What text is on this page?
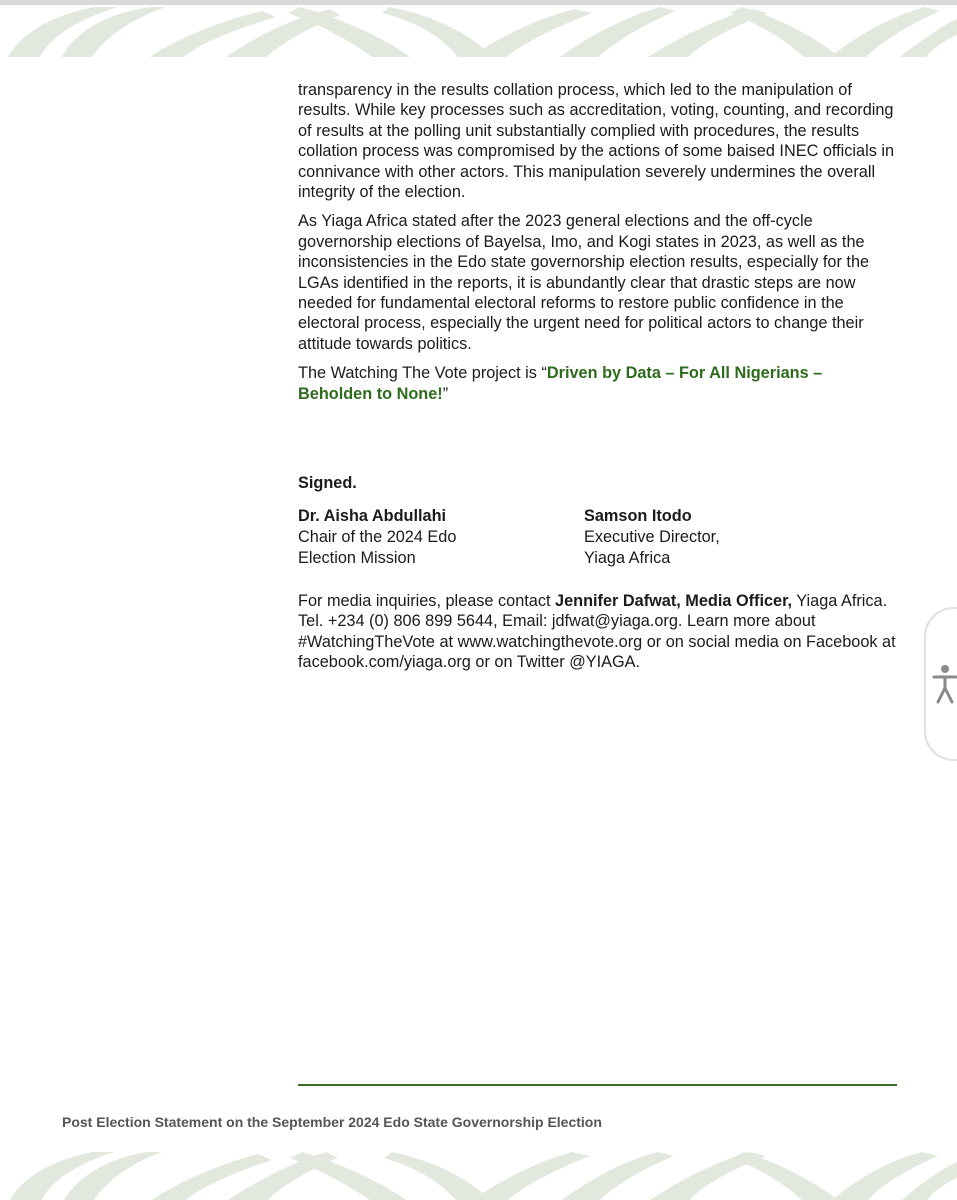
transparency in the results collation process, which led to the manipulation of results. While key processes such as accreditation, voting, counting, and recording of results at the polling unit substantially complied with procedures, the results collation process was compromised by the actions of some baised INEC officials in connivance with other actors. This manipulation severely undermines the overall integrity of the election.

As Yiaga Africa stated after the 2023 general elections and the off-cycle governorship elections of Bayelsa, Imo, and Kogi states in 2023, as well as the inconsistencies in the Edo state governorship election results, especially for the LGAs identified in the reports, it is abundantly clear that drastic steps are now needed for fundamental electoral reforms to restore public confidence in the electoral process, especially the urgent need for political actors to change their attitude towards politics.

The Watching The Vote project is “Driven by Data – For All Nigerians – Beholden to None!”

Signed.
Dr. Aisha Abdullahi
Chair of the 2024 Edo
Election Mission
Samson Itodo
Executive Director,
Yiaga Africa
For media inquiries, please contact Jennifer Dafwat, Media Officer, Yiaga Africa. Tel. +234 (0) 806 899 5644, Email: jdfwat@yiaga.org. Learn more about #WatchingTheVote at www.watchingthevote.org or on social media on Facebook at facebook.com/yiaga.org or on Twitter @YIAGA.
Post Election Statement on the September 2024 Edo State Governorship Election
